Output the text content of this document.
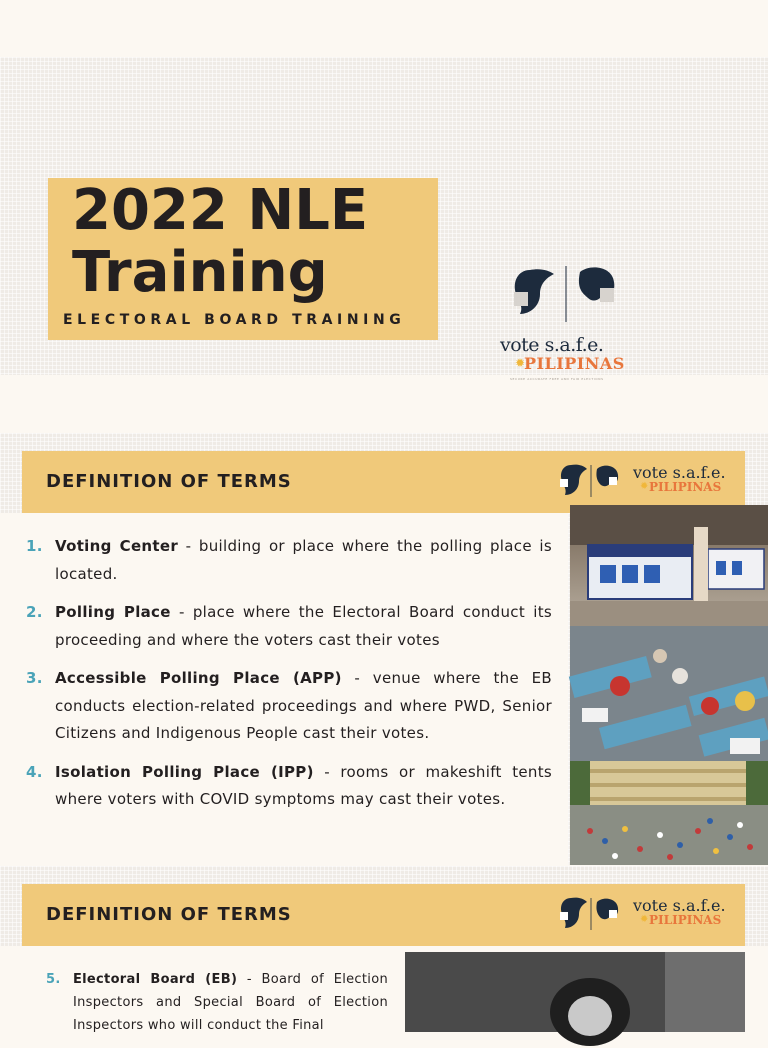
2022 NLE
Training
ELECTORAL BOARD TRAINING
vote s.a.f.e.
✹
PILIPINAS
SECURE ACCURATE FREE AND FAIR ELECTIONS
DEFINITION OF TERMS	vote s.a.f.e.
✹ PILIPINAS
1. Voting Center - building or place where the polling place is located.
2. Polling Place - place where the Electoral Board conduct its proceeding and where the voters cast their votes
3. Accessible Polling Place (APP) - venue where the EB conducts election-related proceedings and where PWD, Senior Citizens and Indigenous People cast their votes.
4. Isolation Polling Place (IPP) - rooms or makeshift tents where voters with COVID symptoms may cast their votes.
DEFINITION OF TERMS	vote s.a.f.e.
✹ PILIPINAS
5. Electoral Board (EB) - Board of Election Inspectors and Special Board of Election Inspectors who will conduct the Final
